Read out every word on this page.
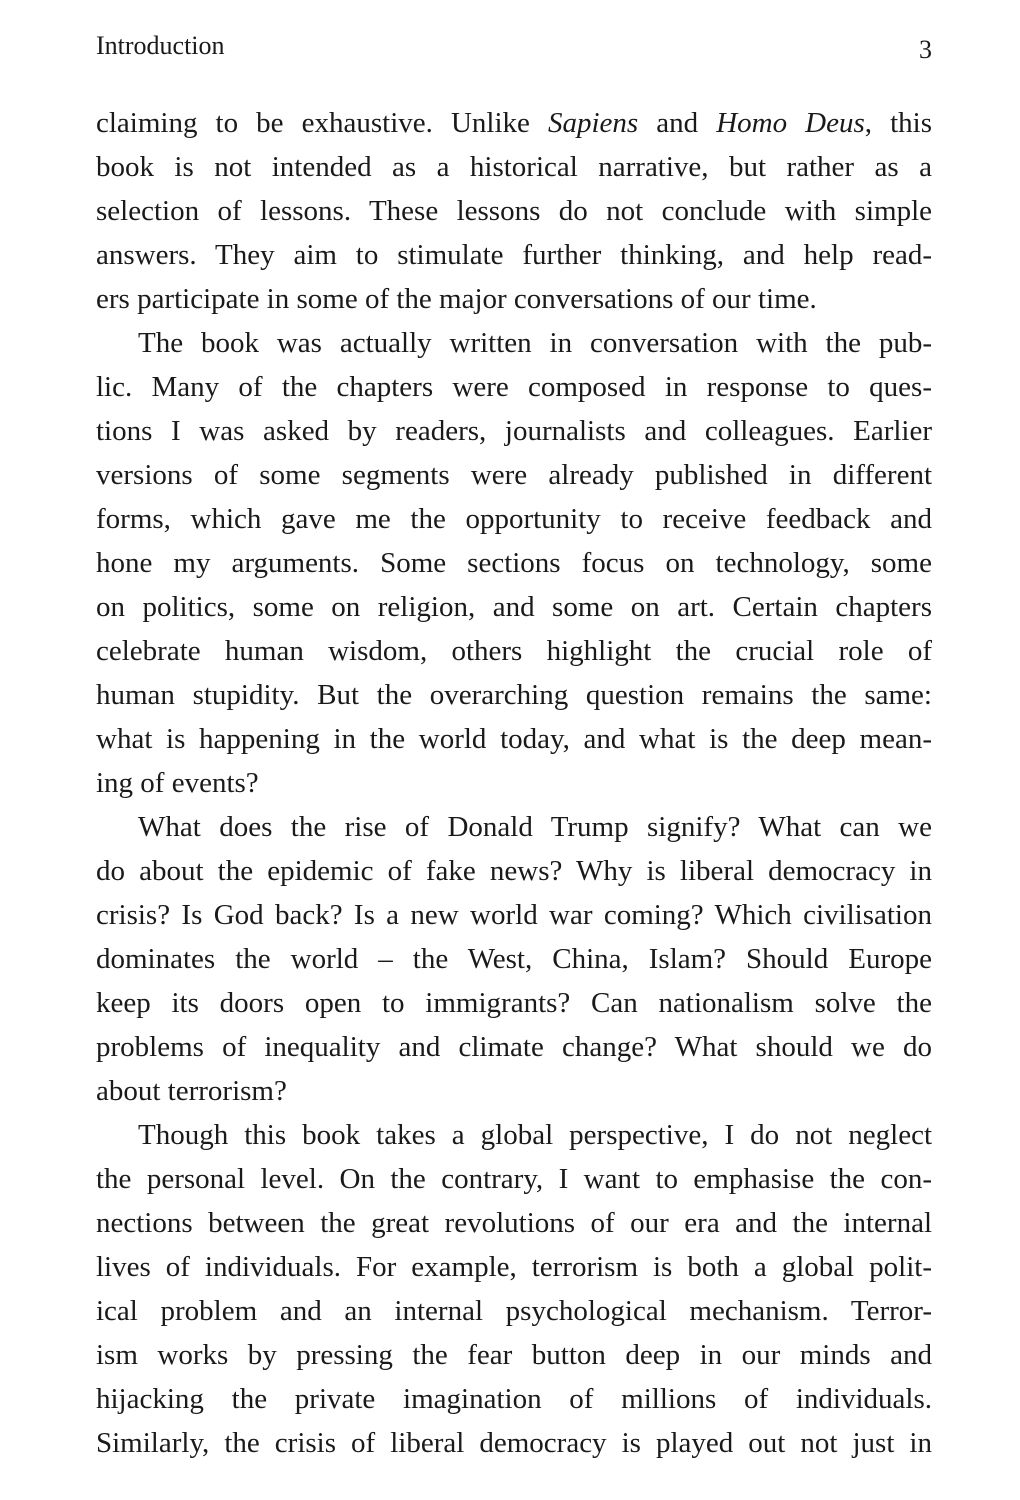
Introduction	3

claiming to be exhaustive. Unlike Sapiens and Homo Deus, this
book is not intended as a historical narrative, but rather as a
selection of lessons. These lessons do not conclude with simple
answers. They aim to stimulate further thinking, and help read-
ers participate in some of the major conversations of our time.

The book was actually written in conversation with the pub-
lic. Many of the chapters were composed in response to ques-
tions I was asked by readers, journalists and colleagues. Earlier
versions of some segments were already published in different
forms, which gave me the opportunity to receive feedback and
hone my arguments. Some sections focus on technology, some
on politics, some on religion, and some on art. Certain chapters
celebrate human wisdom, others highlight the crucial role of
human stupidity. But the overarching question remains the same:
what is happening in the world today, and what is the deep mean-
ing of events?

What does the rise of Donald Trump signify? What can we
do about the epidemic of fake news? Why is liberal democracy in
crisis? Is God back? Is a new world war coming? Which civilisation
dominates the world – the West, China, Islam? Should Europe
keep its doors open to immigrants? Can nationalism solve the
problems of inequality and climate change? What should we do
about terrorism?

Though this book takes a global perspective, I do not neglect
the personal level. On the contrary, I want to emphasise the con-
nections between the great revolutions of our era and the internal
lives of individuals. For example, terrorism is both a global polit-
ical problem and an internal psychological mechanism. Terror-
ism works by pressing the fear button deep in our minds and
hijacking the private imagination of millions of individuals.
Similarly, the crisis of liberal democracy is played out not just in
